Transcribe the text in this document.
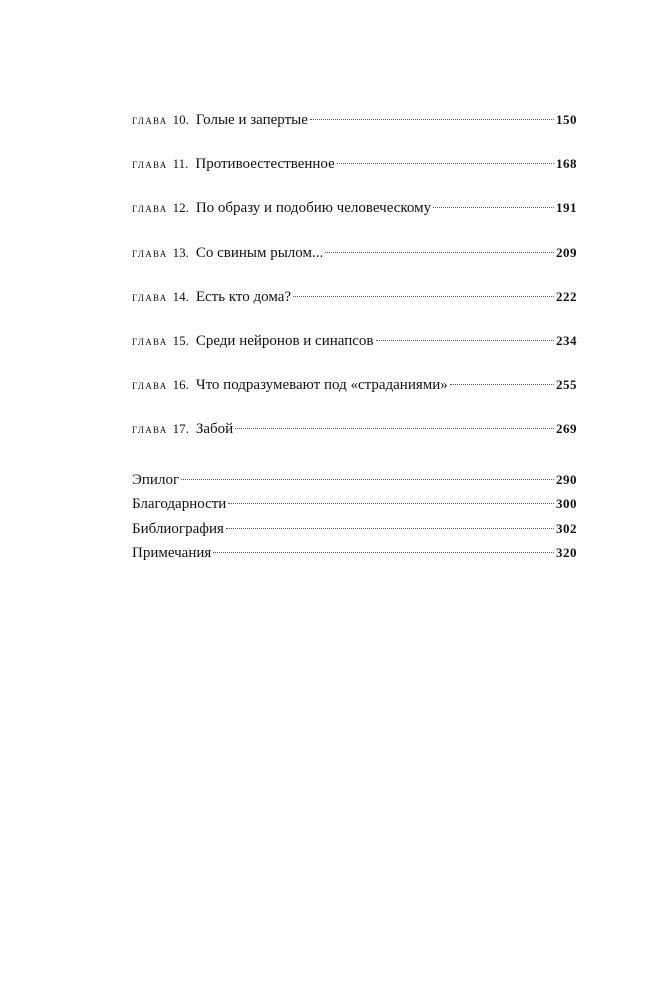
глава 10. Голые и запертые	150
глава 11. Противоестественное	168
глава 12. По образу и подобию человеческому	191
глава 13. Со свиным рылом...	209
глава 14. Есть кто дома?	222
глава 15. Среди нейронов и синапсов	234
глава 16. Что подразумевают под «страданиями»	255
глава 17. Забой	269
Эпилог	290
Благодарности	300
Библиография	302
Примечания	320
